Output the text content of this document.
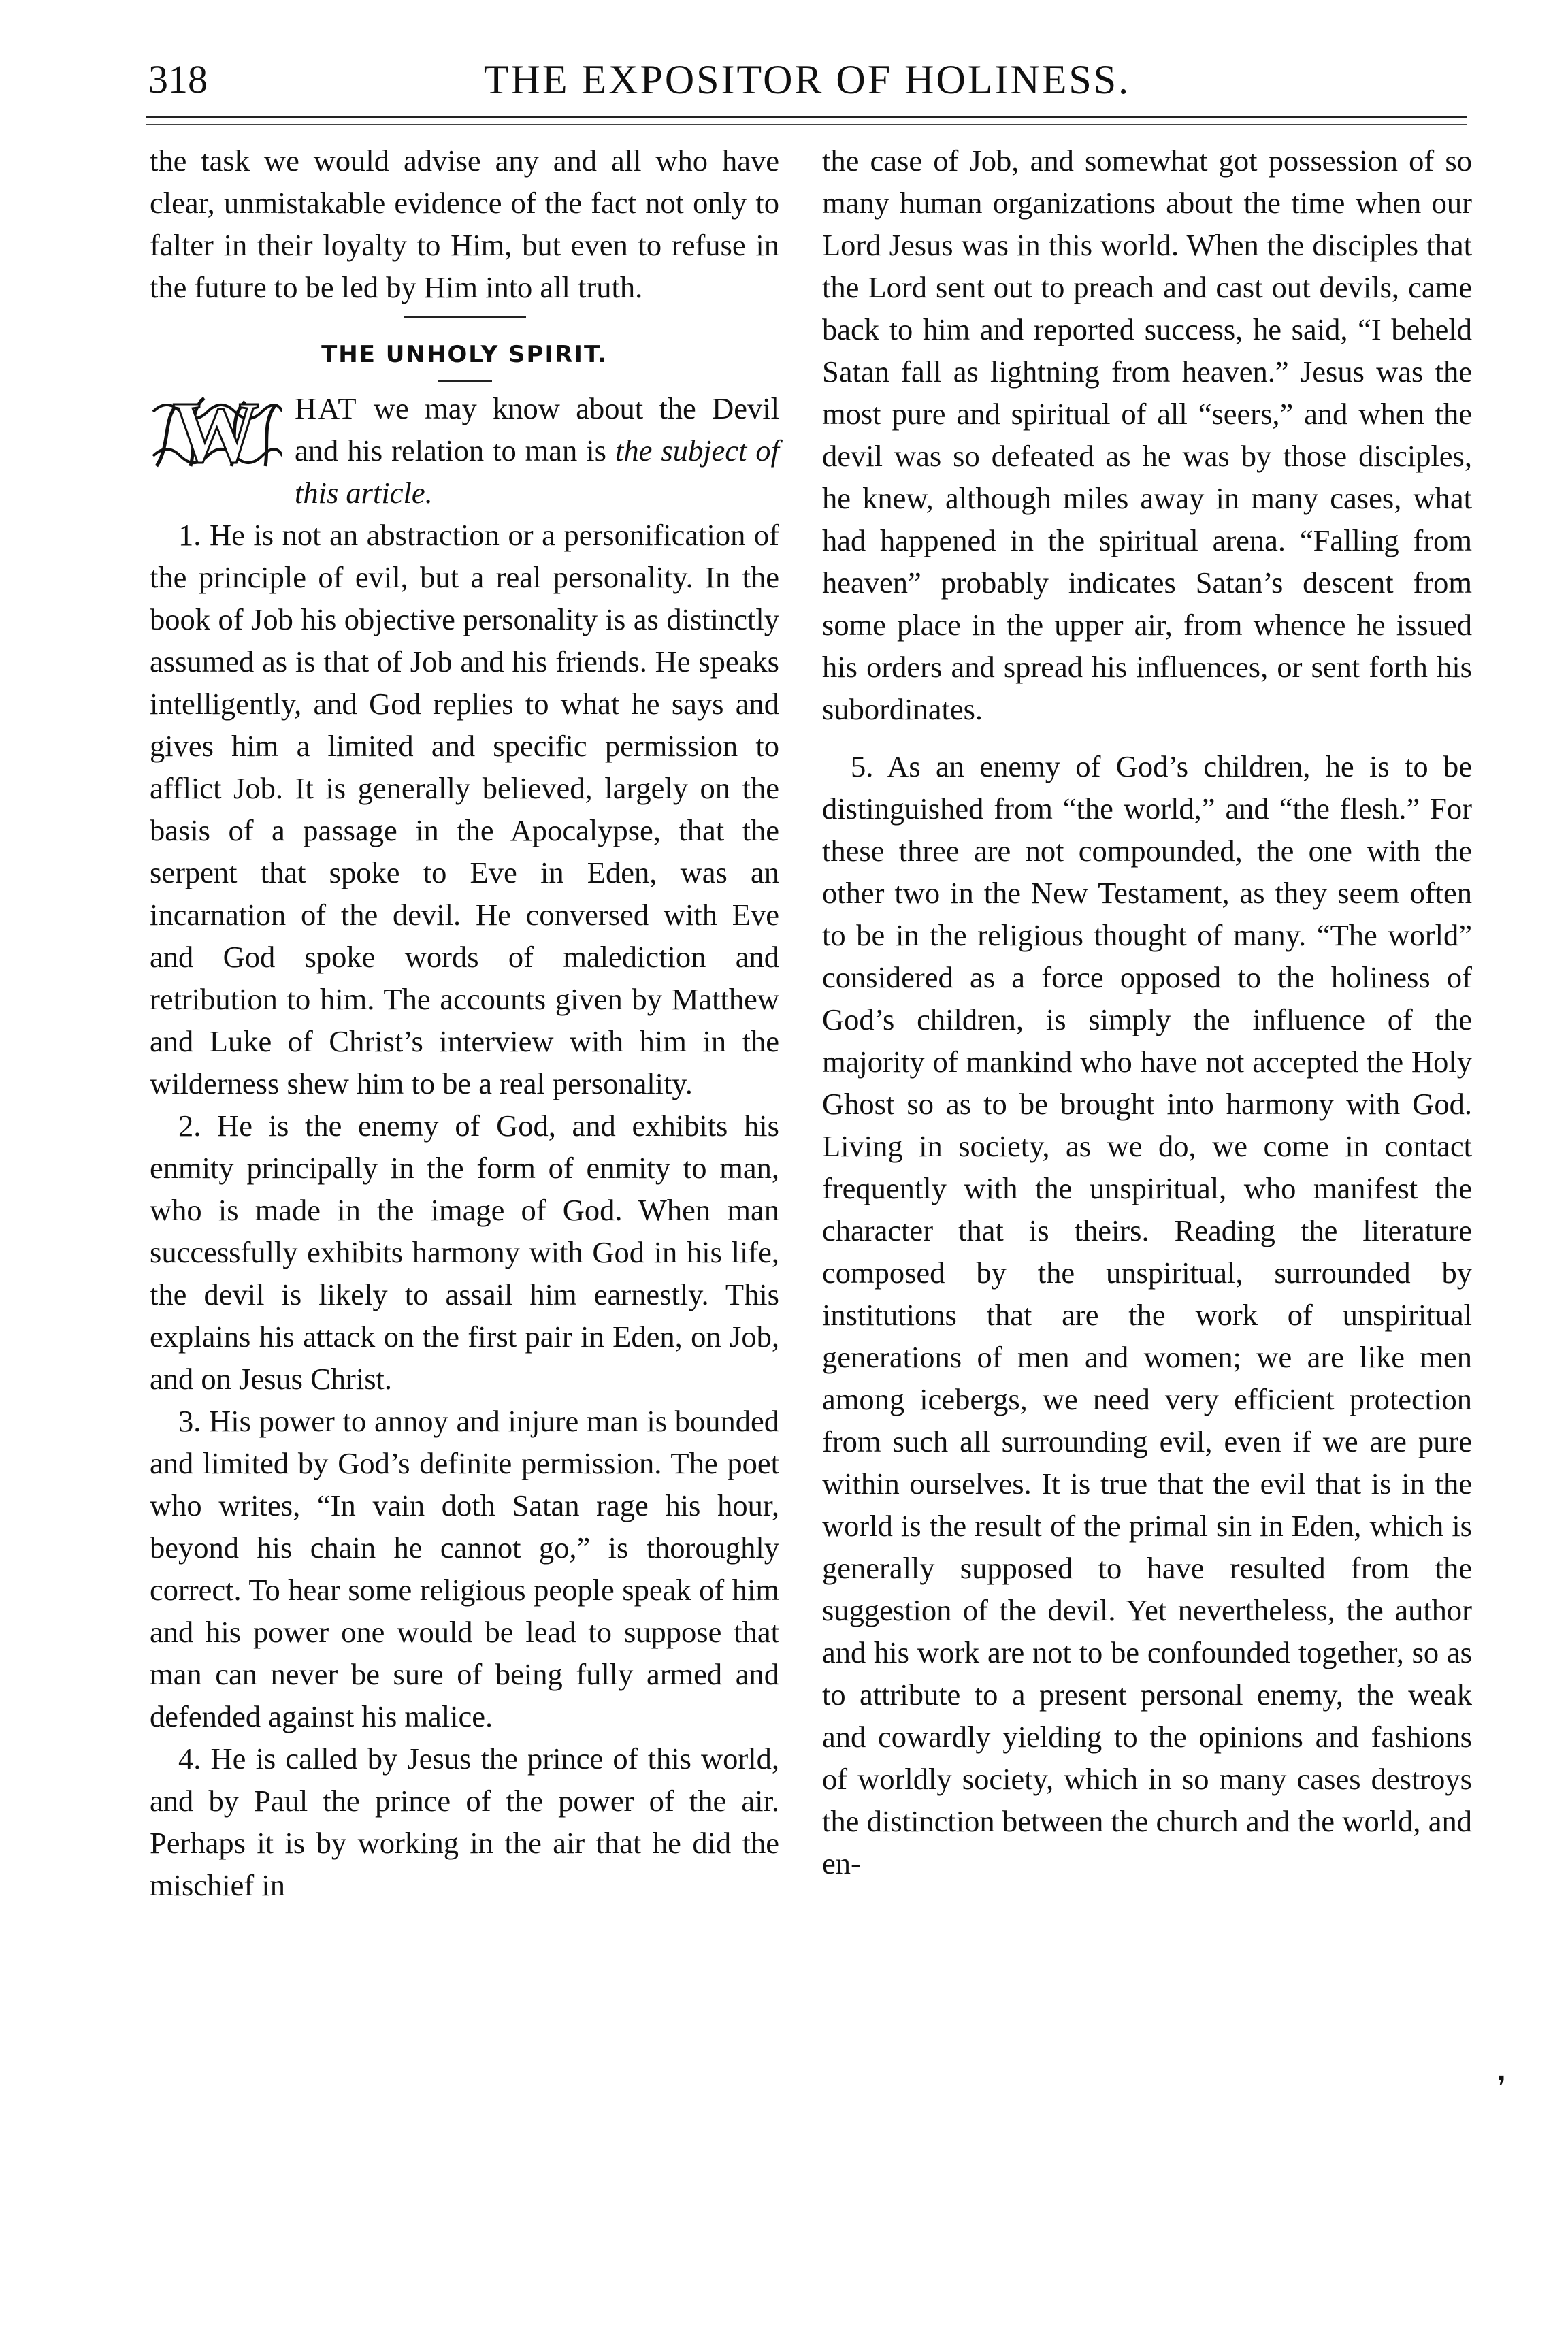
318	THE EXPOSITOR OF HOLINESS.

the task we would advise any and all who have clear, unmistakable evidence of the fact not only to falter in their loyalty to Him, but even to refuse in the future to be led by Him into all truth.

THE UNHOLY SPIRIT.

W	HAT we may know about the Devil and his relation to man is the subject of this article.

1. He is not an abstraction or a personification of the principle of evil, but a real personality. In the book of Job his objective personality is as distinctly assumed as is that of Job and his friends. He speaks intelligently, and God replies to what he says and gives him a limited and specific permission to afflict Job. It is generally believed, largely on the basis of a passage in the Apocalypse, that the serpent that spoke to Eve in Eden, was an incarnation of the devil. He conversed with Eve and God spoke words of malediction and retribution to him. The accounts given by Matthew and Luke of Christ’s interview with him in the wilderness shew him to be a real personality.

2. He is the enemy of God, and exhibits his enmity principally in the form of enmity to man, who is made in the image of God. When man successfully exhibits harmony with God in his life, the devil is likely to assail him earnestly. This explains his attack on the first pair in Eden, on Job, and on Jesus Christ.

3. His power to annoy and injure man is bounded and limited by God’s definite permission. The poet who writes, “In vain doth Satan rage his hour, beyond his chain he cannot go,” is thoroughly correct. To hear some religious people speak of him and his power one would be lead to suppose that man can never be sure of being fully armed and defended against his malice.

4. He is called by Jesus the prince of this world, and by Paul the prince of the power of the air. Perhaps it is by working in the air that he did the mischief in

the case of Job, and somewhat got possession of so many human organizations about the time when our Lord Jesus was in this world. When the disciples that the Lord sent out to preach and cast out devils, came back to him and reported success, he said, “I beheld Satan fall as lightning from heaven.” Jesus was the most pure and spiritual of all “seers,” and when the devil was so defeated as he was by those disciples, he knew, although miles away in many cases, what had happened in the spiritual arena. “Falling from heaven” probably indicates Satan’s descent from some place in the upper air, from whence he issued his orders and spread his influences, or sent forth his subordinates.

5. As an enemy of God’s children, he is to be distinguished from “the world,” and “the flesh.” For these three are not compounded, the one with the other two in the New Testament, as they seem often to be in the religious thought of many. “The world” considered as a force opposed to the holiness of God’s children, is simply the influence of the majority of mankind who have not accepted the Holy Ghost so as to be brought into harmony with God. Living in society, as we do, we come in contact frequently with the unspiritual, who manifest the character that is theirs. Reading the literature composed by the unspiritual, surrounded by institutions that are the work of unspiritual generations of men and women; we are like men among icebergs, we need very efficient protection from such all surrounding evil, even if we are pure within ourselves. It is true that the evil that is in the world is the result of the primal sin in Eden, which is generally supposed to have resulted from the suggestion of the devil. Yet nevertheless, the author and his work are not to be confounded together, so as to attribute to a present personal enemy, the weak and cowardly yielding to the opinions and fashions of worldly society, which in so many cases destroys the distinction between the church and the world, and en-

❜
